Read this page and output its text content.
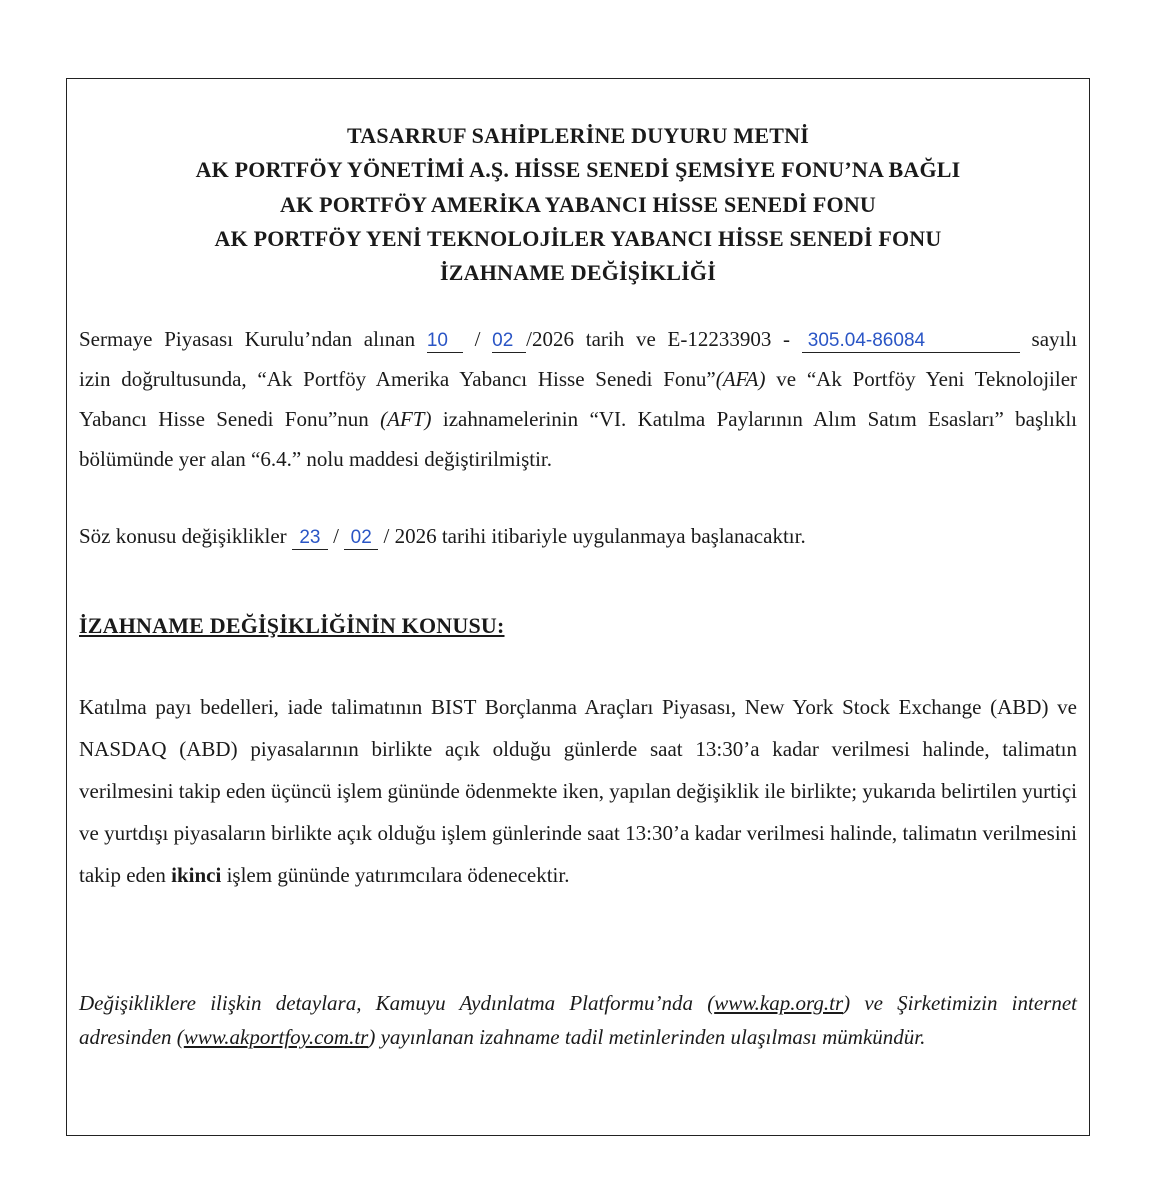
TASARRUF SAHİPLERİNE DUYURU METNİ
AK PORTFÖY YÖNETİMİ A.Ş. HİSSE SENEDİ ŞEMSİYE FONU’NA BAĞLI
AK PORTFÖY AMERİKA YABANCI HİSSE SENEDİ FONU
AK PORTFÖY YENİ TEKNOLOJİLER YABANCI HİSSE SENEDİ FONU
İZAHNAME DEĞİŞİKLİĞİ
Sermaye Piyasası Kurulu’ndan alınan 10 / 02 /2026 tarih ve E-12233903 - 305.04-86084	sayılı
izin doğrultusunda, “Ak Portföy Amerika Yabancı Hisse Senedi Fonu”(AFA) ve “Ak Portföy Yeni Teknolojiler Yabancı Hisse Senedi Fonu”nun (AFT) izahnamelerinin “VI. Katılma Paylarının Alım Satım Esasları” başlıklı bölümünde yer alan “6.4.” nolu maddesi değiştirilmiştir.
Söz konusu değişiklikler 23 / 02 / 2026 tarihi itibariyle uygulanmaya başlanacaktır.
İZAHNAME DEĞİŞİKLİĞİNİN KONUSU:
Katılma payı bedelleri, iade talimatının BIST Borçlanma Araçları Piyasası, New York Stock Exchange (ABD) ve NASDAQ (ABD) piyasalarının birlikte açık olduğu günlerde saat 13:30’a kadar verilmesi halinde, talimatın verilmesini takip eden üçüncü işlem gününde ödenmekte iken, yapılan değişiklik ile birlikte; yukarıda belirtilen yurtiçi ve yurtdışı piyasaların birlikte açık olduğu işlem günlerinde saat 13:30’a kadar verilmesi halinde, talimatın verilmesini takip eden ikinci işlem gününde yatırımcılara ödenecektir.
Değişikliklere ilişkin detaylara, Kamuyu Aydınlatma Platformu’nda (www.kap.org.tr) ve Şirketimizin internet adresinden (www.akportfoy.com.tr) yayınlanan izahname tadil metinlerinden ulaşılması mümkündür.
